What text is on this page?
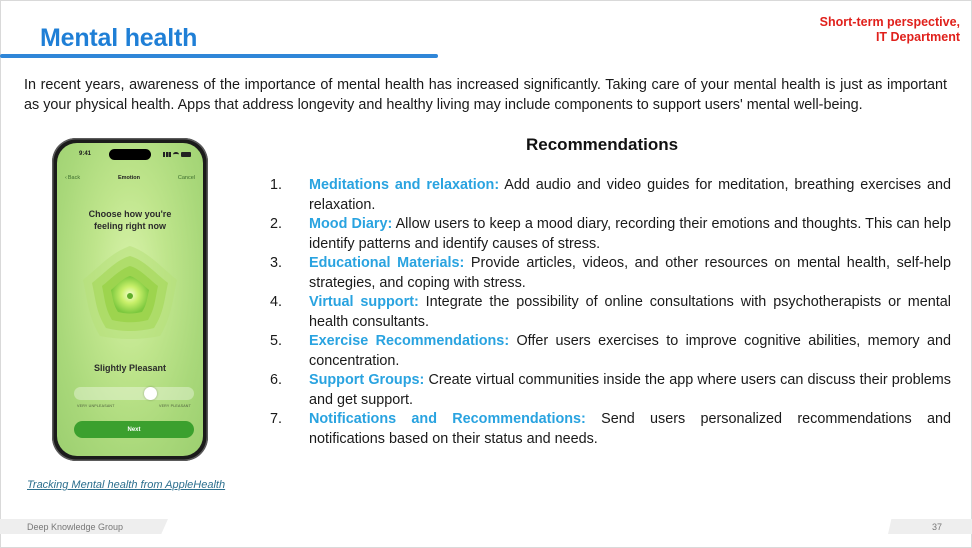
Mental health
Short-term perspective,
IT Department

In recent years, awareness of the importance of mental health has increased significantly. Taking care of your mental health is just as important as your physical health. Apps that address longevity and healthy living may include components to support users' mental well-being.

Recommendations
1.	Meditations and relaxation: Add audio and video guides for meditation, breathing exercises and relaxation.
2.	Mood Diary: Allow users to keep a mood diary, recording their emotions and thoughts. This can help identify patterns and identify causes of stress.
3.	Educational Materials: Provide articles, videos, and other resources on mental health, self-help strategies, and coping with stress.
4.	Virtual support: Integrate the possibility of online consultations with psychotherapists or mental health consultants.
5.	Exercise Recommendations: Offer users exercises to improve cognitive abilities, memory and concentration.
6.	Support Groups: Create virtual communities inside the app where users can discuss their problems and get support.
7.	Notifications and Recommendations: Send users personalized recommendations and notifications based on their status and needs.
9:41
‹ Back	Emotion	Cancel
Choose how you're
feeling right now
Slightly Pleasant
VERY UNPLEASANT	VERY PLEASANT
Next
Tracking Mental health from AppleHealth
Deep Knowledge Group	37
